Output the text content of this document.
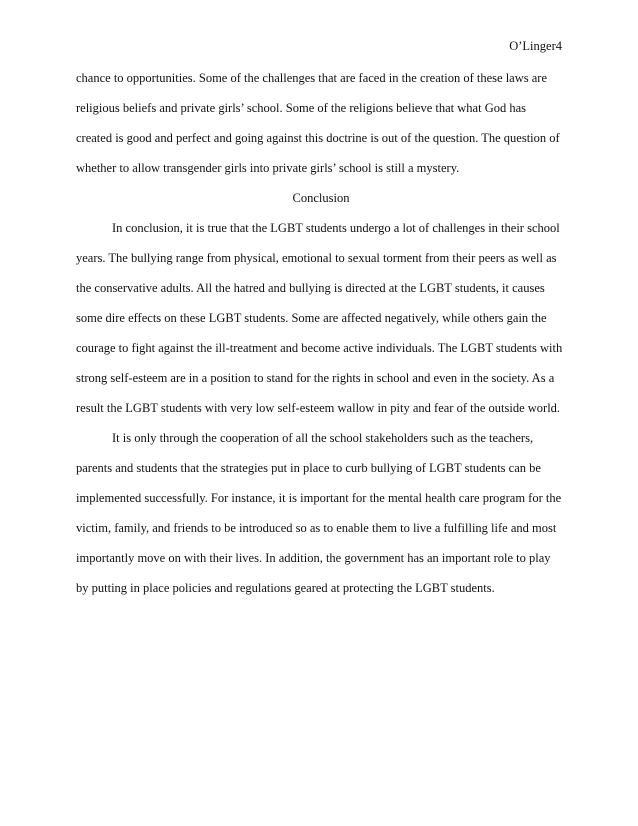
O’Linger4
chance to opportunities. Some of the challenges that are faced in the creation of these laws are
religious beliefs and private girls’ school. Some of the religions believe that what God has
created is good and perfect and going against this doctrine is out of the question. The question of
whether to allow transgender girls into private girls’ school is still a mystery.
Conclusion
In conclusion, it is true that the LGBT students undergo a lot of challenges in their school
years. The bullying range from physical, emotional to sexual torment from their peers as well as
the conservative adults. All the hatred and bullying is directed at the LGBT students, it causes
some dire effects on these LGBT students. Some are affected negatively, while others gain the
courage to fight against the ill-treatment and become active individuals. The LGBT students with
strong self-esteem are in a position to stand for the rights in school and even in the society. As a
result the LGBT students with very low self-esteem wallow in pity and fear of the outside world.
It is only through the cooperation of all the school stakeholders such as the teachers,
parents and students that the strategies put in place to curb bullying of LGBT students can be
implemented successfully. For instance, it is important for the mental health care program for the
victim, family, and friends to be introduced so as to enable them to live a fulfilling life and most
importantly move on with their lives. In addition, the government has an important role to play
by putting in place policies and regulations geared at protecting the LGBT students.
